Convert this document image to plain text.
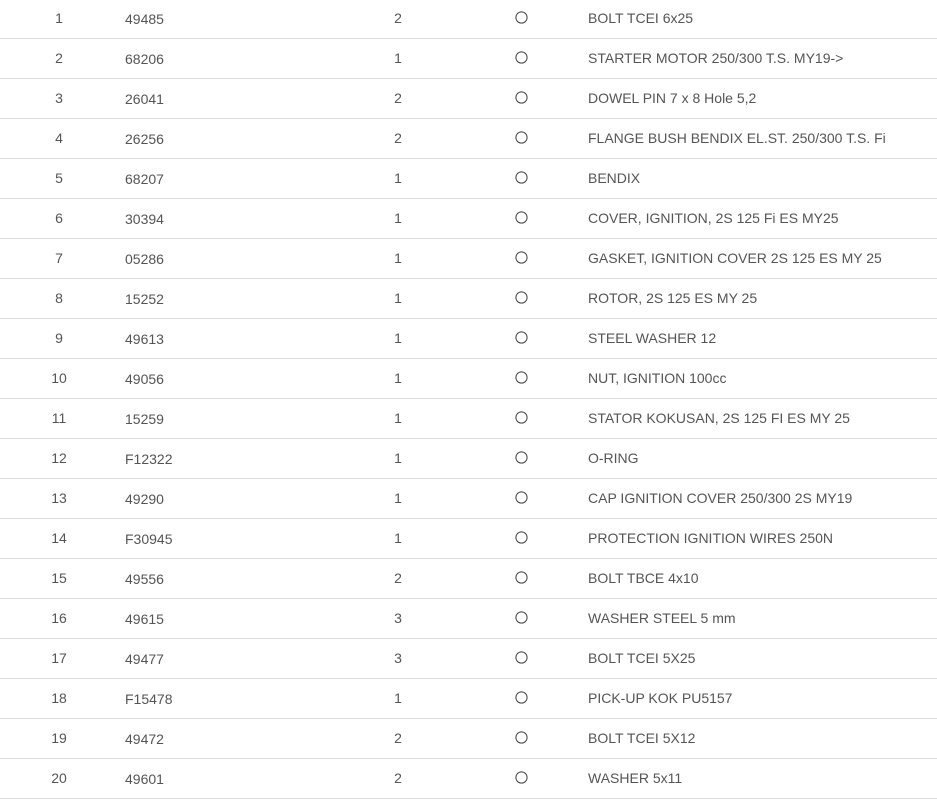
1	49485	2	BOLT TCEI 6x25
2	68206	1	STARTER MOTOR 250/300 T.S. MY19->
3	26041	2	DOWEL PIN 7 x 8 Hole 5,2
4	26256	2	FLANGE BUSH BENDIX EL.ST. 250/300 T.S. Fi
5	68207	1	BENDIX
6	30394	1	COVER, IGNITION, 2S 125 Fi ES MY25
7	05286	1	GASKET, IGNITION COVER 2S 125 ES MY 25
8	15252	1	ROTOR, 2S 125 ES MY 25
9	49613	1	STEEL WASHER 12
10	49056	1	NUT, IGNITION 100cc
11	15259	1	STATOR KOKUSAN, 2S 125 FI ES MY 25
12	F12322	1	O-RING
13	49290	1	CAP IGNITION COVER 250/300 2S MY19
14	F30945	1	PROTECTION IGNITION WIRES 250N
15	49556	2	BOLT TBCE 4x10
16	49615	3	WASHER STEEL 5 mm
17	49477	3	BOLT TCEI 5X25
18	F15478	1	PICK-UP KOK PU5157
19	49472	2	BOLT TCEI 5X12
20	49601	2	WASHER 5x11
